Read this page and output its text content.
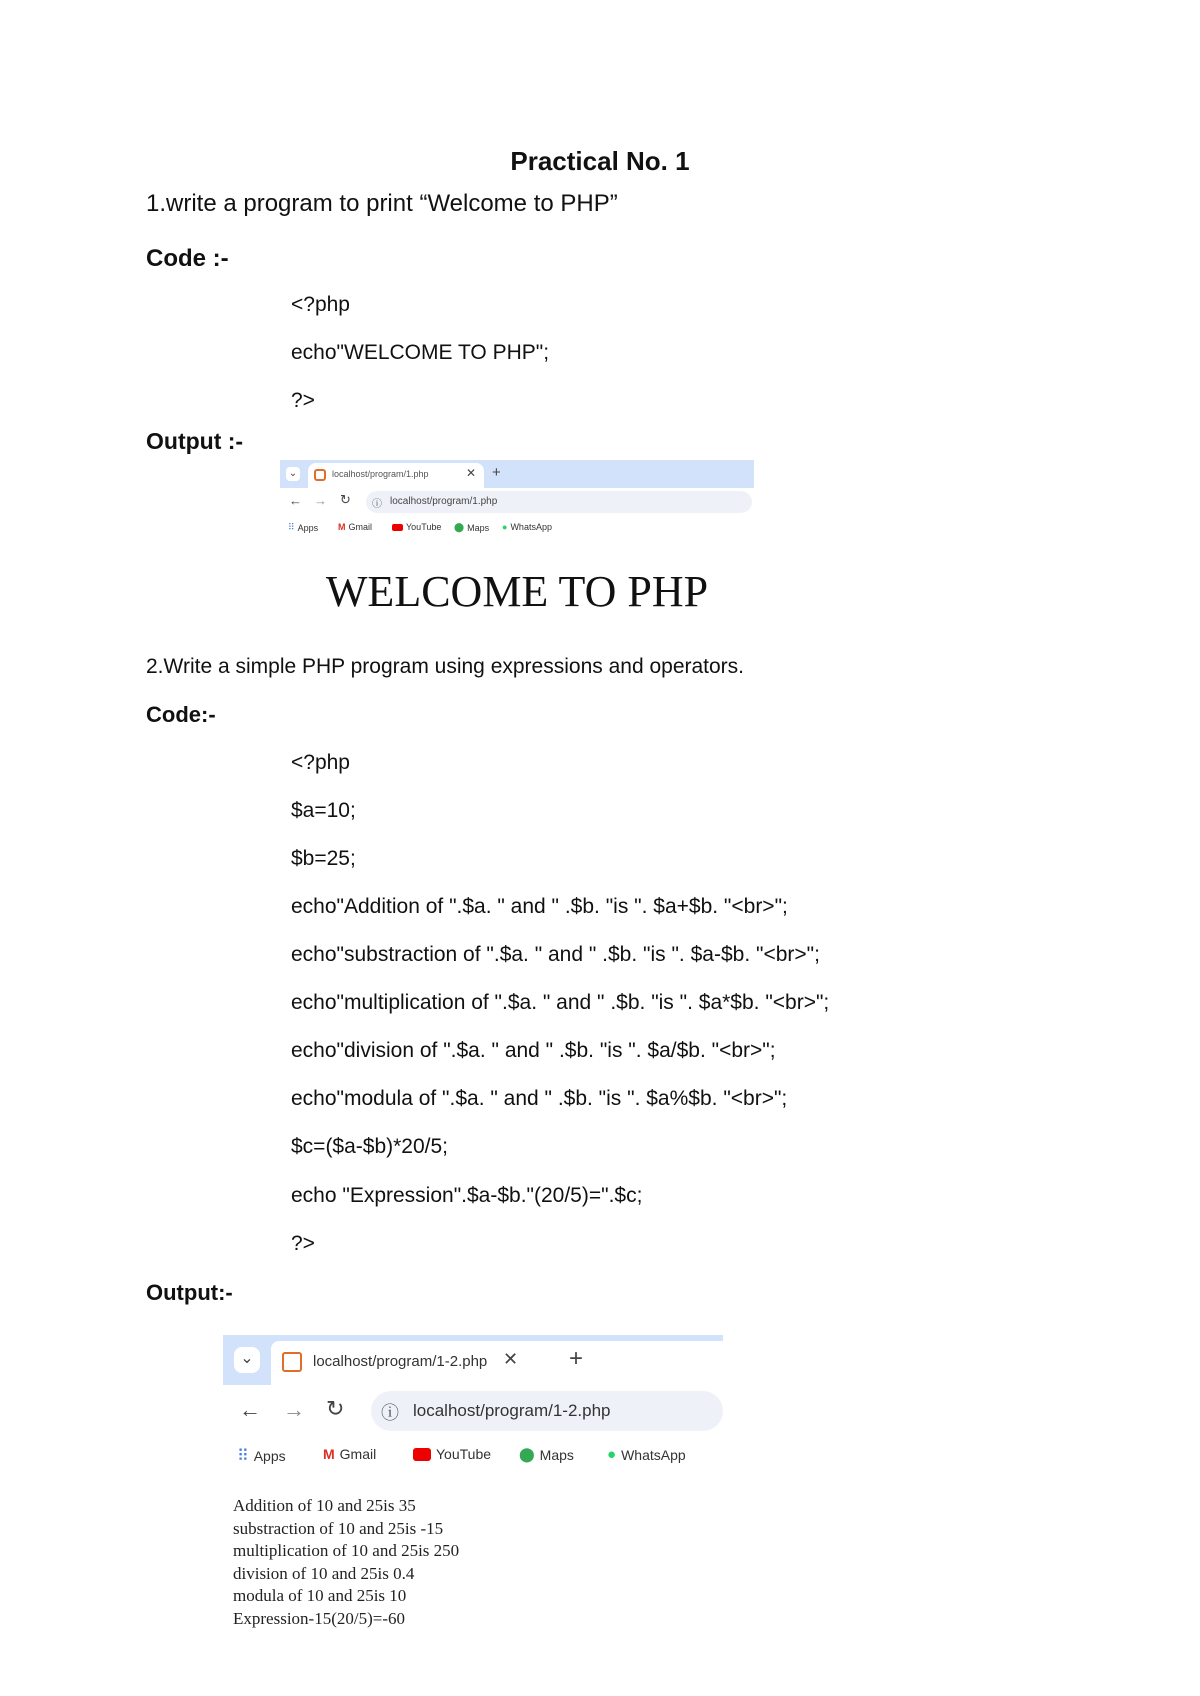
Practical No. 1
1.write a program to print “Welcome to PHP”
Code :-
<?php
echo"WELCOME TO PHP";
?>
Output :-
⌄	localhost/program/1.php	✕ +
← → ↻ ⓘ localhost/program/1.php
⠿ Apps M Gmail	YouTube ⬤ Maps ● WhatsApp
WELCOME TO PHP
2.Write a simple PHP program using expressions and operators.
Code:-
<?php
$a=10;
$b=25;
echo"Addition of ".$a. " and " .$b. "is ". $a+$b. "<br>";
echo"substraction of ".$a. " and " .$b. "is ". $a-$b. "<br>";
echo"multiplication of ".$a. " and " .$b. "is ". $a*$b. "<br>";
echo"division of ".$a. " and " .$b. "is ". $a/$b. "<br>";
echo"modula of ".$a. " and " .$b. "is ". $a%$b. "<br>";
$c=($a-$b)*20/5;
echo "Expression".$a-$b."(20/5)=".$c;
?>
Output:-
⌄	localhost/program/1-2.php ✕ +
← → ↻ ⓘ localhost/program/1-2.php
⠿ Apps	M Gmail	YouTube ⬤ Maps ● WhatsApp
Addition of 10 and 25is 35
substraction of 10 and 25is -15
multiplication of 10 and 25is 250
division of 10 and 25is 0.4
modula of 10 and 25is 10
Expression-15(20/5)=-60
